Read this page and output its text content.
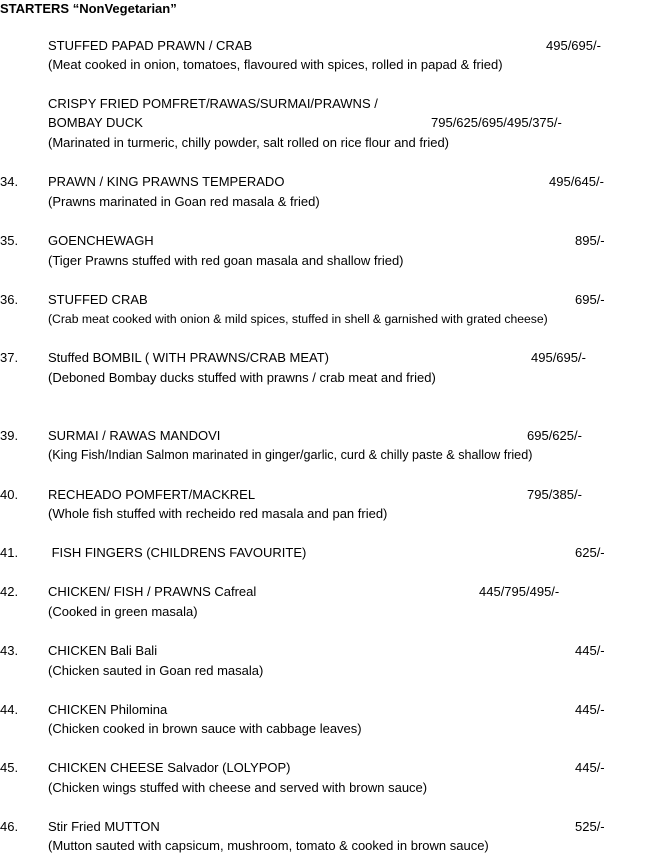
STARTERS “NonVegetarian”
STUFFED PAPAD PRAWN / CRAB	495/695/-
(Meat cooked in onion, tomatoes, flavoured with spices, rolled in papad & fried)
CRISPY FRIED POMFRET/RAWAS/SURMAI/PRAWNS /
BOMBAY DUCK	795/625/695/495/375/-
(Marinated in turmeric, chilly powder, salt rolled on rice flour and fried)
34. PRAWN / KING PRAWNS TEMPERADO	495/645/-
(Prawns marinated in Goan red masala & fried)
35. GOENCHEWAGH	895/-
(Tiger Prawns stuffed with red goan masala and shallow fried)
36. STUFFED CRAB	695/-
(Crab meat cooked with onion & mild spices, stuffed in shell & garnished with grated cheese)
37. Stuffed BOMBIL ( WITH PRAWNS/CRAB MEAT)	495/695/-
(Deboned Bombay ducks stuffed with prawns / crab meat and fried)
39. SURMAI / RAWAS MANDOVI	695/625/-
(King Fish/Indian Salmon marinated in ginger/garlic, curd & chilly paste & shallow fried)
40. RECHEADO POMFERT/MACKREL	795/385/-
(Whole fish stuffed with recheido red masala and pan fried)
41. FISH FINGERS (CHILDRENS FAVOURITE)	625/-
42. CHICKEN/ FISH / PRAWNS Cafreal	445/795/495/-
(Cooked in green masala)
43. CHICKEN Bali Bali	445/-
(Chicken sauted in Goan red masala)
44. CHICKEN Philomina	445/-
(Chicken cooked in brown sauce with cabbage leaves)
45. CHICKEN CHEESE Salvador (LOLYPOP)	445/-
(Chicken wings stuffed with cheese and served with brown sauce)
46. Stir Fried MUTTON	525/-
(Mutton sauted with capsicum, mushroom, tomato & cooked in brown sauce)
